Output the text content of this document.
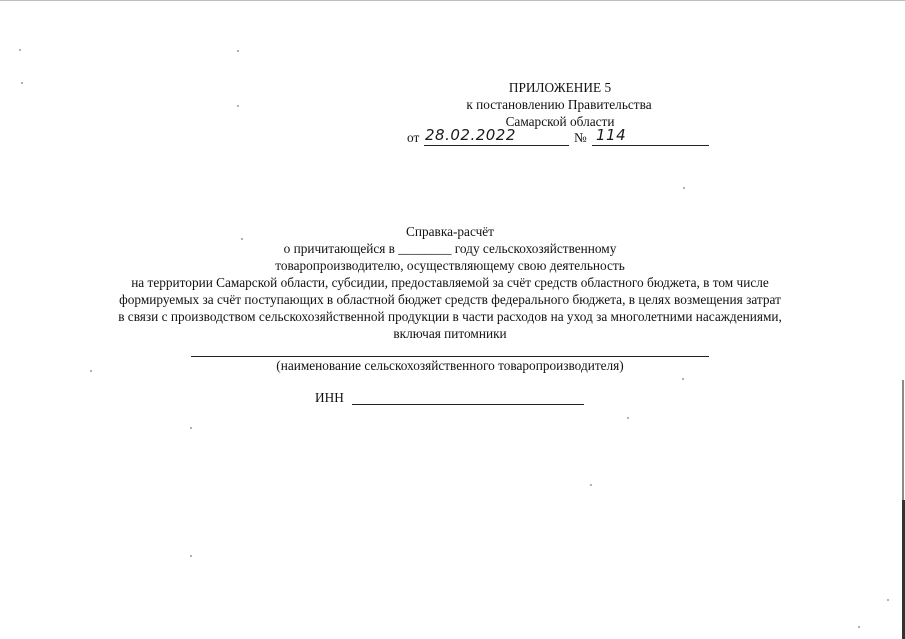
ПРИЛОЖЕНИЕ 5
к постановлению Правительства
Самарской области
от 28.02.2022	№ 114
Справка-расчёт
о причитающейся в ________ году сельскохозяйственному
товаропроизводителю, осуществляющему свою деятельность
на территории Самарской области, субсидии, предоставляемой за счёт средств областного бюджета, в том числе
формируемых за счёт поступающих в областной бюджет средств федерального бюджета, в целях возмещения затрат
в связи с производством сельскохозяйственной продукции в части расходов на уход за многолетними насаждениями,
включая питомники
(наименование сельскохозяйственного товаропроизводителя)
ИНН
